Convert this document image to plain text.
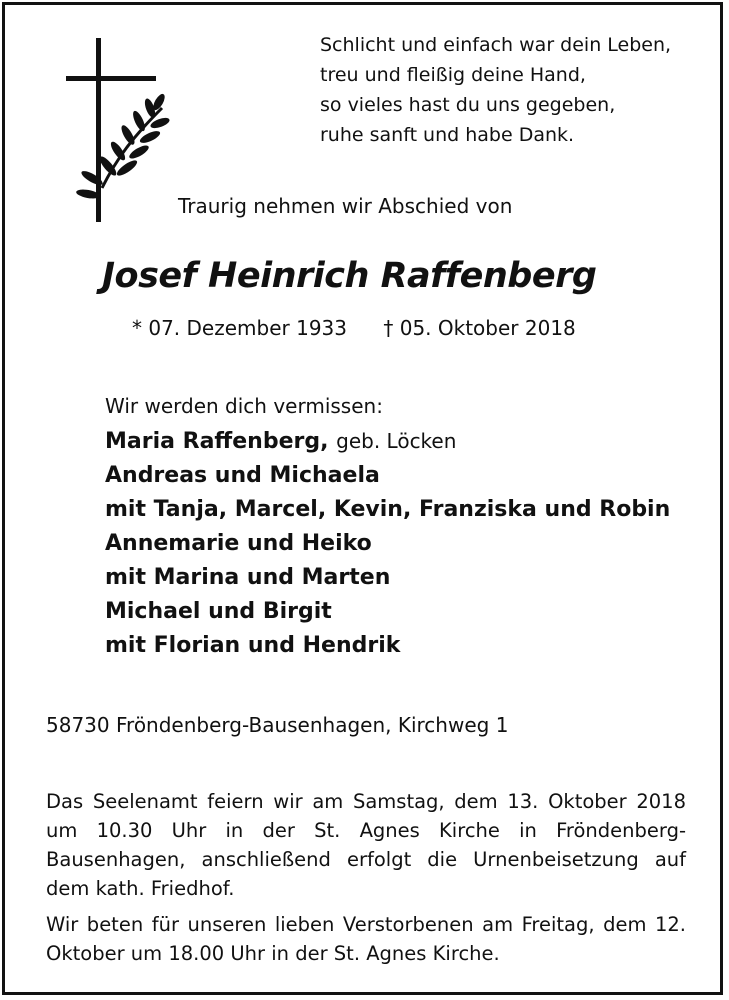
Schlicht und einfach war dein Leben,
treu und fleißig deine Hand,
so vieles hast du uns gegeben,
ruhe sanft und habe Dank.
Traurig nehmen wir Abschied von
Josef Heinrich Raffenberg
* 07. Dezember 1933 † 05. Oktober 2018
Wir werden dich vermissen:
Maria Raffenberg, geb. Löcken
Andreas und Michaela
mit Tanja, Marcel, Kevin, Franziska und Robin
Annemarie und Heiko
mit Marina und Marten
Michael und Birgit
mit Florian und Hendrik
58730 Fröndenberg-Bausenhagen, Kirchweg 1

Das Seelenamt feiern wir am Samstag, dem 13. Oktober 2018 um 10.30 Uhr in der St. Agnes Kirche in Fröndenberg-Bausenhagen, anschließend erfolgt die Urnenbeisetzung auf dem kath. Friedhof.

Wir beten für unseren lieben Verstorbenen am Freitag, dem 12. Oktober um 18.00 Uhr in der St. Agnes Kirche.
